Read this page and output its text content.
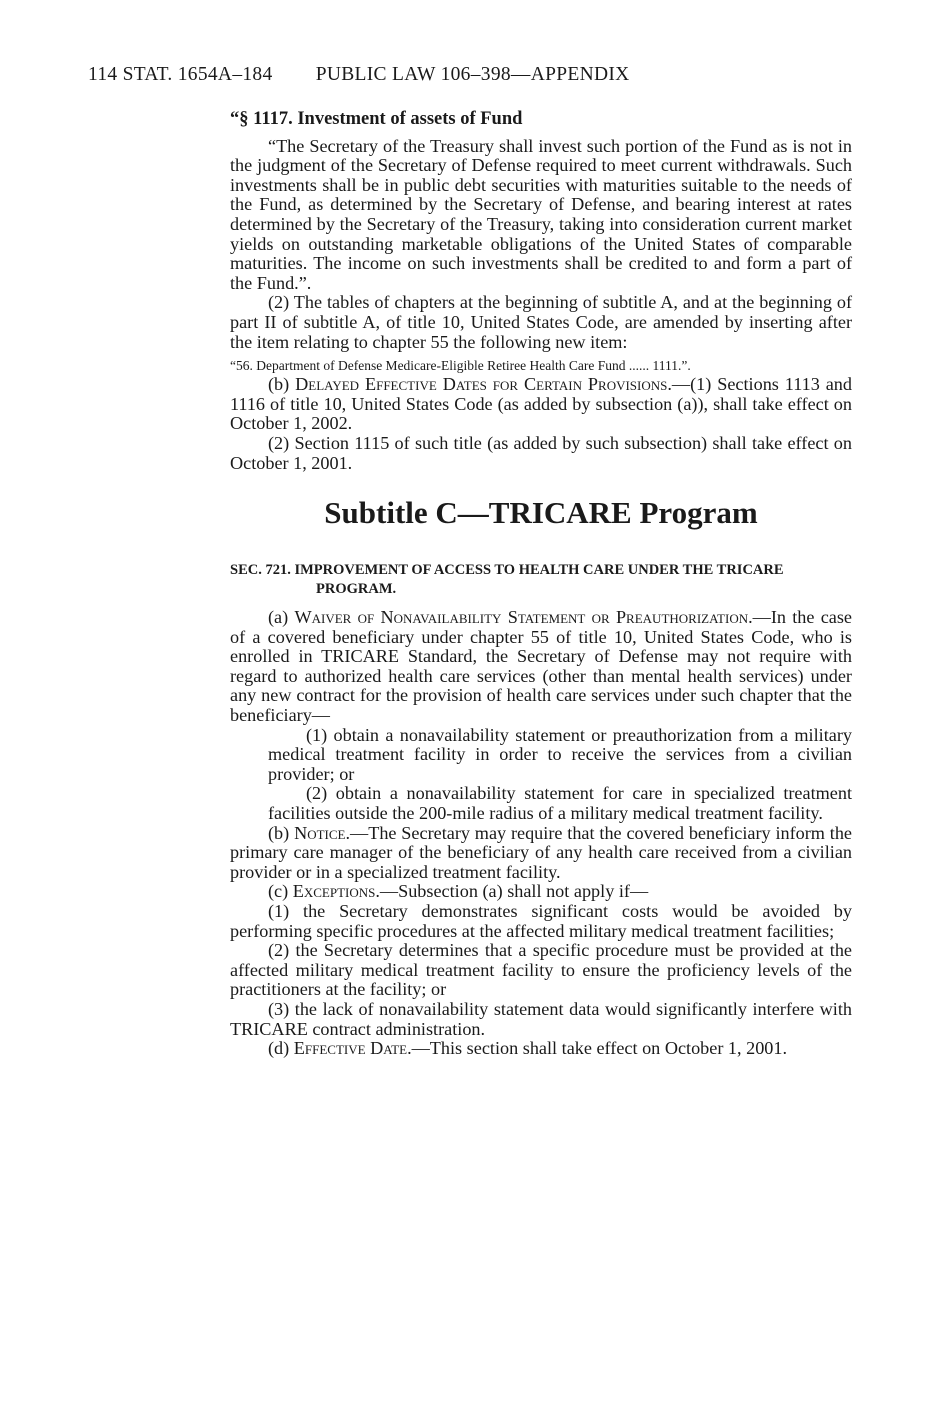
114 STAT. 1654A–184 PUBLIC LAW 106–398—APPENDIX
“§ 1117. Investment of assets of Fund

“The Secretary of the Treasury shall invest such portion of the Fund as is not in the judgment of the Secretary of Defense required to meet current withdrawals. Such investments shall be in public debt securities with maturities suitable to the needs of the Fund, as determined by the Secretary of Defense, and bearing interest at rates determined by the Secretary of the Treasury, taking into consideration current market yields on outstanding marketable obligations of the United States of comparable maturities. The income on such investments shall be credited to and form a part of the Fund.”.

(2) The tables of chapters at the beginning of subtitle A, and at the beginning of part II of subtitle A, of title 10, United States Code, are amended by inserting after the item relating to chapter 55 the following new item:

“56. Department of Defense Medicare-Eligible Retiree Health Care Fund ...... 1111.”.

(b) Delayed Effective Dates for Certain Provisions.—(1) Sections 1113 and 1116 of title 10, United States Code (as added by subsection (a)), shall take effect on October 1, 2002.

(2) Section 1115 of such title (as added by such subsection) shall take effect on October 1, 2001.

Subtitle C—TRICARE Program
SEC. 721. IMPROVEMENT OF ACCESS TO HEALTH CARE UNDER THE TRICARE PROGRAM.

(a) Waiver of Nonavailability Statement or Preauthorization.—In the case of a covered beneficiary under chapter 55 of title 10, United States Code, who is enrolled in TRICARE Standard, the Secretary of Defense may not require with regard to authorized health care services (other than mental health services) under any new contract for the provision of health care services under such chapter that the beneficiary—

(1) obtain a nonavailability statement or preauthorization from a military medical treatment facility in order to receive the services from a civilian provider; or

(2) obtain a nonavailability statement for care in specialized treatment facilities outside the 200-mile radius of a military medical treatment facility.

(b) Notice.—The Secretary may require that the covered beneficiary inform the primary care manager of the beneficiary of any health care received from a civilian provider or in a specialized treatment facility.

(c) Exceptions.—Subsection (a) shall not apply if—

(1) the Secretary demonstrates significant costs would be avoided by performing specific procedures at the affected military medical treatment facilities;

(2) the Secretary determines that a specific procedure must be provided at the affected military medical treatment facility to ensure the proficiency levels of the practitioners at the facility; or

(3) the lack of nonavailability statement data would significantly interfere with TRICARE contract administration.

(d) Effective Date.—This section shall take effect on October 1, 2001.
